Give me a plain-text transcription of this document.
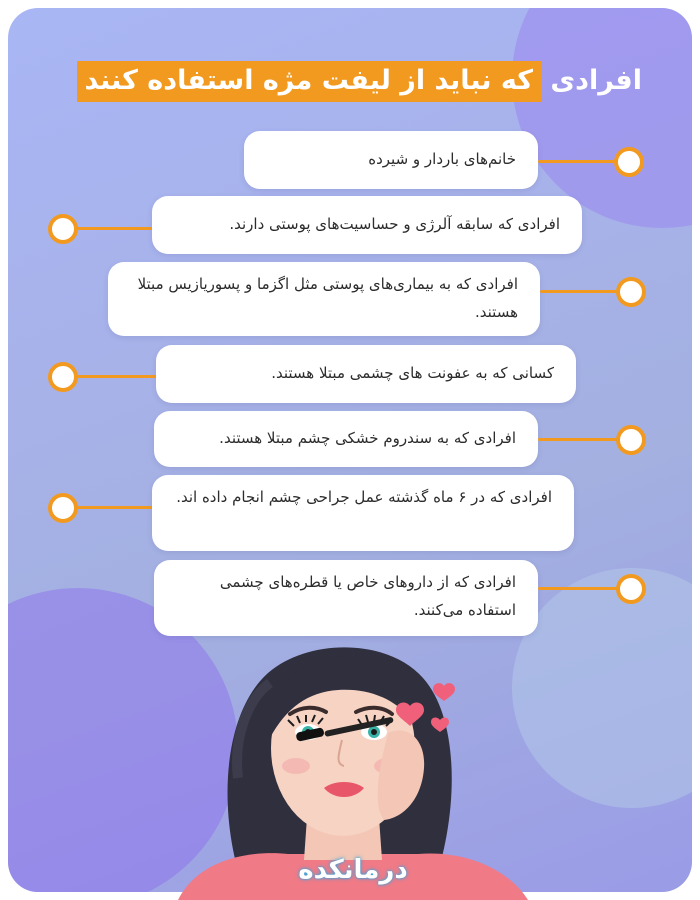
افرادی که نباید از لیفت مژه استفاده کنند
خانم‌های باردار و شیرده
افرادی که سابقه آلرژی و حساسیت‌های پوستی دارند.
افرادی که به بیماری‌های پوستی مثل اگزما و پسوریازیس مبتلا هستند.
کسانی که به عفونت های چشمی مبتلا هستند.
افرادی که به سندروم خشکی چشم مبتلا هستند.
افرادی که در ۶ ماه گذشته عمل جراحی چشم انجام داده اند.
افرادی که از داروهای خاص یا قطره‌های چشمی استفاده می‌کنند.
درمانکده
